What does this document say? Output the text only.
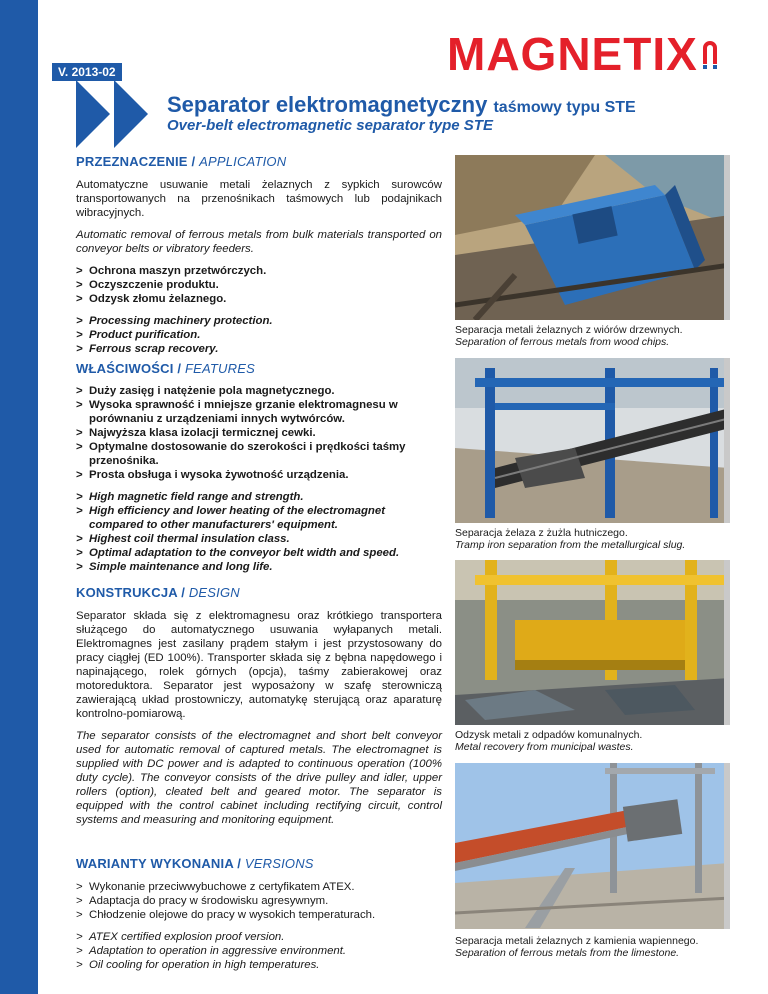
V. 2013-02	MAGNETIX
Separator elektromagnetyczny taśmowy typu STE
Over-belt electromagnetic separator type STE
PRZEZNACZENIE / APPLICATION

Automatyczne usuwanie metali żelaznych z sypkich surowców transportowanych na przenośnikach taśmowych lub podajnikach wibracyjnych.

Automatic removal of ferrous metals from bulk materials transported on conveyor belts or vibratory feeders.

> Ochrona maszyn przetwórczych.
> Oczyszczenie produktu.
> Odzysk złomu żelaznego.
> Processing machinery protection.
> Product purification.
> Ferrous scrap recovery.
WŁAŚCIWOŚCI / FEATURES
> Duży zasięg i natężenie pola magnetycznego.
> Wysoka sprawność i mniejsze grzanie elektromagnesu w porównaniu z urządzeniami innych wytwórców.
> Najwyższa klasa izolacji termicznej cewki.
> Optymalne dostosowanie do szerokości i prędkości taśmy przenośnika.
> Prosta obsługa i wysoka żywotność urządzenia.
> High magnetic field range and strength.
> High efficiency and lower heating of the electromagnet compared to other manufacturers' equipment.
> Highest coil thermal insulation class.
> Optimal adaptation to the conveyor belt width and speed.
> Simple maintenance and long life.
KONSTRUKCJA / DESIGN

Separator składa się z elektromagnesu oraz krótkiego transportera służącego do automatycznego usuwania wyłapanych metali. Elektromagnes jest zasilany prądem stałym i jest przystosowany do pracy ciągłej (ED 100%). Transporter składa się z bębna napędowego i napinającego, rolek górnych (opcja), taśmy zabierakowej oraz motoreduktora. Separator jest wyposażony w szafę sterowniczą zawierającą układ prostowniczy, automatykę sterującą oraz aparaturę kontrolno-pomiarową.

The separator consists of the electromagnet and short belt conveyor used for automatic removal of captured metals. The electromagnet is supplied with DC power and is adapted to continuous operation (100% duty cycle). The conveyor consists of the drive pulley and idler, upper rollers (option), cleated belt and geared motor. The separator is equipped with the control cabinet including rectifying circuit, control systems and measuring and monitoring equipment.

WARIANTY WYKONANIA / VERSIONS
> Wykonanie przeciwwybuchowe z certyfikatem ATEX.
> Adaptacja do pracy w środowisku agresywnym.
> Chłodzenie olejowe do pracy w wysokich temperaturach.
> ATEX certified explosion proof version.
> Adaptation to operation in aggressive environment.
> Oil cooling for operation in high temperatures.
Separacja metali żelaznych z wiórów drzewnych.
Separation of ferrous metals from wood chips.
Separacja żelaza z żużla hutniczego.
Tramp iron separation from the metallurgical slug.
Odzysk metali z odpadów komunalnych.
Metal recovery from municipal wastes.
Separacja metali żelaznych z kamienia wapiennego.
Separation of ferrous metals from the limestone.
